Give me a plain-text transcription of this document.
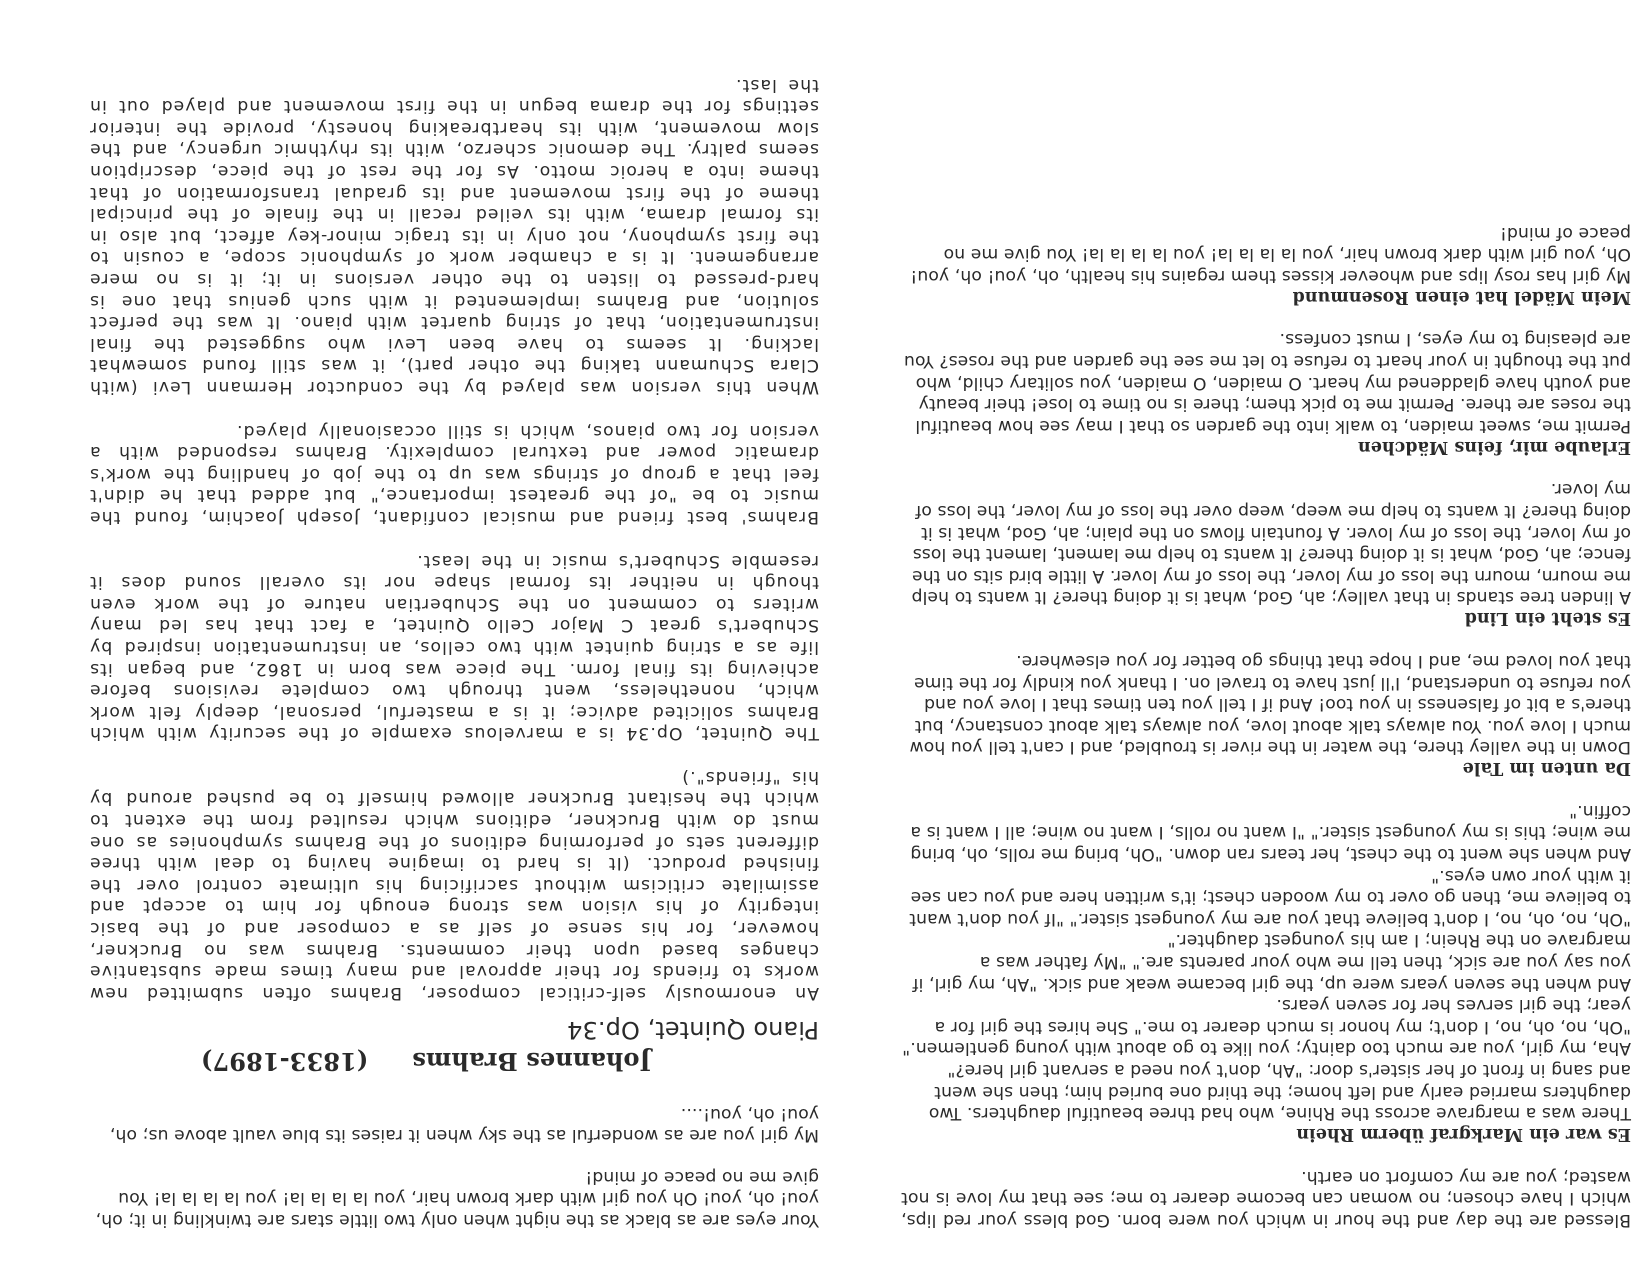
Blessed are the day and the hour in which you were born. God bless your red lips, which I have chosen; no woman can become dearer to me; see that my love is not wasted; you are my comfort on earth.

Es war ein Markgraf überm Rhein

There was a margrave across the Rhine, who had three beautiful daughters. Two daughters married early and left home; the third one buried him; then she went and sang in front of her sister's door: "Ah, don't you need a servant girl here?"

Aha, my girl, you are much too dainty; you like to go about with young gentlemen." "Oh, no, oh, no, I don't; my honor is much dearer to me." She hires the girl for a year; the girl serves her for seven years.

And when the seven years were up, the girl became weak and sick. "Ah, my girl, if you say you are sick, then tell me who your parents are." "My father was a margrave on the Rhein; I am his youngest daughter."

"Oh, no, oh, no, I don't believe that you are my youngest sister." "If you don't want to believe me, then go over to my wooden chest; it's written here and you can see it with your own eyes."

And when she went to the chest, her tears ran down. "Oh, bring me rolls, oh, bring me wine; this is my youngest sister." "I want no rolls, I want no wine; all I want is a coffin."

Da unten im Tale

Down in the valley there, the water in the river is troubled, and I can't tell you how much I love you. You always talk about love, you always talk about constancy, but there's a bit of falseness in you too! And if I tell you ten times that I love you and you refuse to understand, I'll just have to travel on. I thank you kindly for the time that you loved me, and I hope that things go better for you elsewhere.

Es steht ein Lind

A linden tree stands in that valley; ah, God, what is it doing there? It wants to help me mourn, mourn the loss of my lover, the loss of my lover. A little bird sits on the fence; ah, God, what is it doing there? It wants to help me lament, lament the loss of my lover, the loss of my lover. A fountain flows on the plain; ah, God, what is it doing there? It wants to help me weep, weep over the loss of my lover, the loss of my lover.

Erlaube mir, feins Mädchen

Permit me, sweet maiden, to walk into the garden so that I may see how beautiful the roses are there. Permit me to pick them; there is no time to lose! their beauty and youth have gladdened my heart. O maiden, O maiden, you solitary child, who put the thought in your heart to refuse to let me see the garden and the roses? You are pleasing to my eyes, I must confess.

Mein Mädel hat einen Rosenmund

My girl has rosy lips and whoever kisses them regains his health, oh, you! oh, you! Oh, you girl with dark brown hair, you la la la la! you la la la la! You give me no peace of mind!

Your eyes are as black as the night when only two little stars are twinkling in it; oh, you! oh, you! Oh you girl with dark brown hair, you la la la la! you la la la la! You give me no peace of mind!

My girl you are as wonderful as the sky when it raises its blue vault above us; oh, you! oh, you!....

Johannes Brahms(1833-1897)
Piano Quintet, Op.34

An enormously self-critical composer, Brahms often submitted new works to friends for their approval and many times made substantive changes based upon their comments. Brahms was no Bruckner, however, for his sense of self as a composer and of the basic integrity of his vision was strong enough for him to accept and assimilate criticism without sacrificing his ultimate control over the finished product. (It is hard to imagine having to deal with three different sets of performing editions of the Brahms symphonies as one must do with Bruckner, editions which resulted from the extent to which the hesitant Bruckner allowed himself to be pushed around by his "friends".)

The Quintet, Op.34 is a marvelous example of the security with which Brahms solicited advice; it is a masterful, personal, deeply felt work which, nonetheless, went through two complete revisions before achieving its final form. The piece was born in 1862, and began its life as a string quintet with two cellos, an instrumentation inspired by Schubert's great C Major Cello Quintet, a fact that has led many writers to comment on the Schubertian nature of the work even though in neither its formal shape nor its overall sound does it resemble Schubert's music in the least.

Brahms' best friend and musical confidant, Joseph Joachim, found the music to be "of the greatest importance," but added that he didn't feel that a group of strings was up to the job of handling the work's dramatic power and textural complexity. Brahms responded with a version for two pianos, which is still occasionally played.

When this version was played by the conductor Hermann Levi (with Clara Schumann taking the other part), it was still found somewhat lacking. It seems to have been Levi who suggested the final instrumentation, that of string quartet with piano. It was the perfect solution, and Brahms implemented it with such genius that one is hard-pressed to listen to the other versions in it; it is no mere arrangement. It is a chamber work of symphonic scope, a cousin to the first symphony, not only in its tragic minor-key affect, but also in its formal drama, with its veiled recall in the finale of the principal theme of the first movement and its gradual transformation of that theme into a heroic motto. As for the rest of the piece, description seems paltry. The demonic scherzo, with its rhythmic urgency, and the slow movement, with its heartbreaking honesty, provide the interior settings for the drama begun in the first movement and played out in the last.
